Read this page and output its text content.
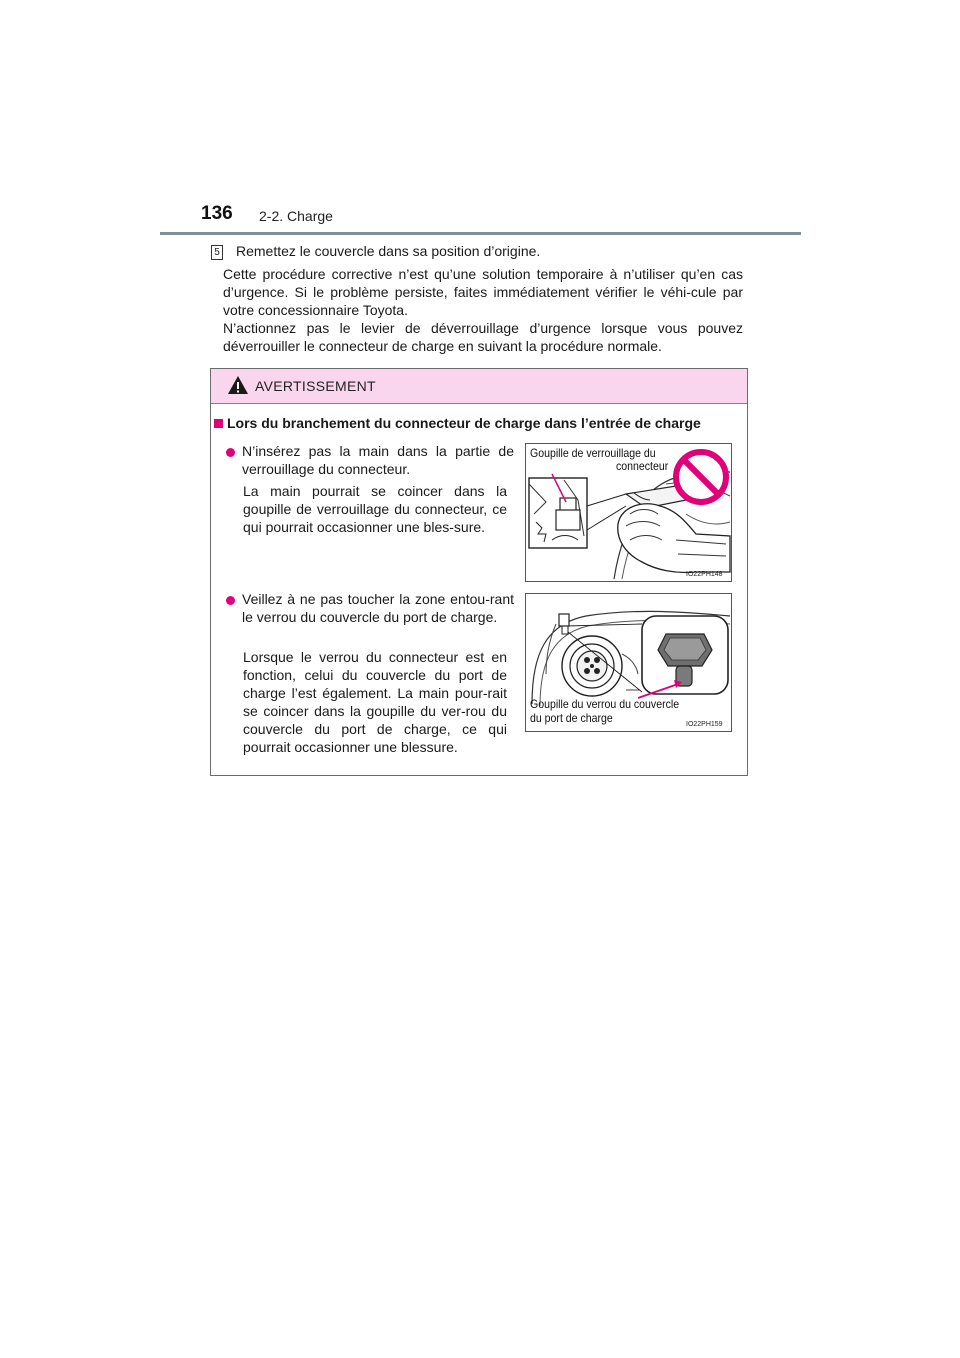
136 2-2. Charge
5 Remettez le couvercle dans sa position d’origine.
Cette procédure corrective n’est qu’une solution temporaire à n’utiliser qu’en cas d’urgence. Si le problème persiste, faites immédiatement vérifier le véhi-cule par votre concessionnaire Toyota.
N’actionnez pas le levier de déverrouillage d’urgence lorsque vous pouvez déverrouiller le connecteur de charge en suivant la procédure normale.
AVERTISSEMENT
Lors du branchement du connecteur de charge dans l’entrée de charge
N’insérez pas la main dans la partie de verrouillage du connecteur.
La main pourrait se coincer dans la goupille de verrouillage du connecteur, ce qui pourrait occasionner une bles-sure.
Goupille de verrouillage du
connecteur
IO22PH148
Veillez à ne pas toucher la zone entou-rant le verrou du couvercle du port de charge.
Lorsque le verrou du connecteur est en fonction, celui du couvercle du port de charge l’est également. La main pour-rait se coincer dans la goupille du ver-rou du couvercle du port de charge, ce qui pourrait occasionner une blessure.
Goupille du verrou du couvercle
du port de charge	IO22PH159
